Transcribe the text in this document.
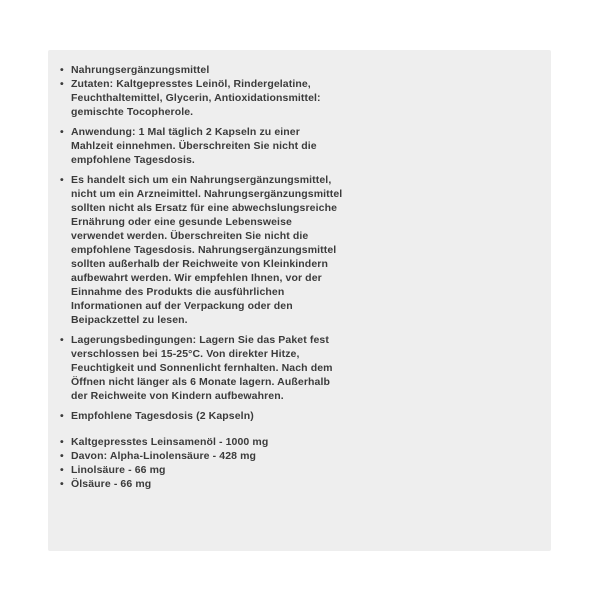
• Nahrungsergänzungsmittel
• Zutaten: Kaltgepresstes Leinöl, Rindergelatine, Feuchthaltemittel, Glycerin, Antioxidationsmittel: gemischte Tocopherole.
• Anwendung: 1 Mal täglich 2 Kapseln zu einer Mahlzeit einnehmen. Überschreiten Sie nicht die empfohlene Tagesdosis.
• Es handelt sich um ein Nahrungsergänzungsmittel, nicht um ein Arzneimittel. Nahrungsergänzungsmittel sollten nicht als Ersatz für eine abwechslungsreiche Ernährung oder eine gesunde Lebensweise verwendet werden. Überschreiten Sie nicht die empfohlene Tagesdosis. Nahrungsergänzungsmittel sollten außerhalb der Reichweite von Kleinkindern aufbewahrt werden. Wir empfehlen Ihnen, vor der Einnahme des Produkts die ausführlichen Informationen auf der Verpackung oder den Beipackzettel zu lesen.
• Lagerungsbedingungen: Lagern Sie das Paket fest verschlossen bei 15-25°C. Von direkter Hitze, Feuchtigkeit und Sonnenlicht fernhalten. Nach dem Öffnen nicht länger als 6 Monate lagern. Außerhalb der Reichweite von Kindern aufbewahren.
• Empfohlene Tagesdosis (2 Kapseln)
• Kaltgepresstes Leinsamenöl - 1000 mg
• Davon: Alpha-Linolensäure - 428 mg
• Linolsäure - 66 mg
• Ölsäure - 66 mg
